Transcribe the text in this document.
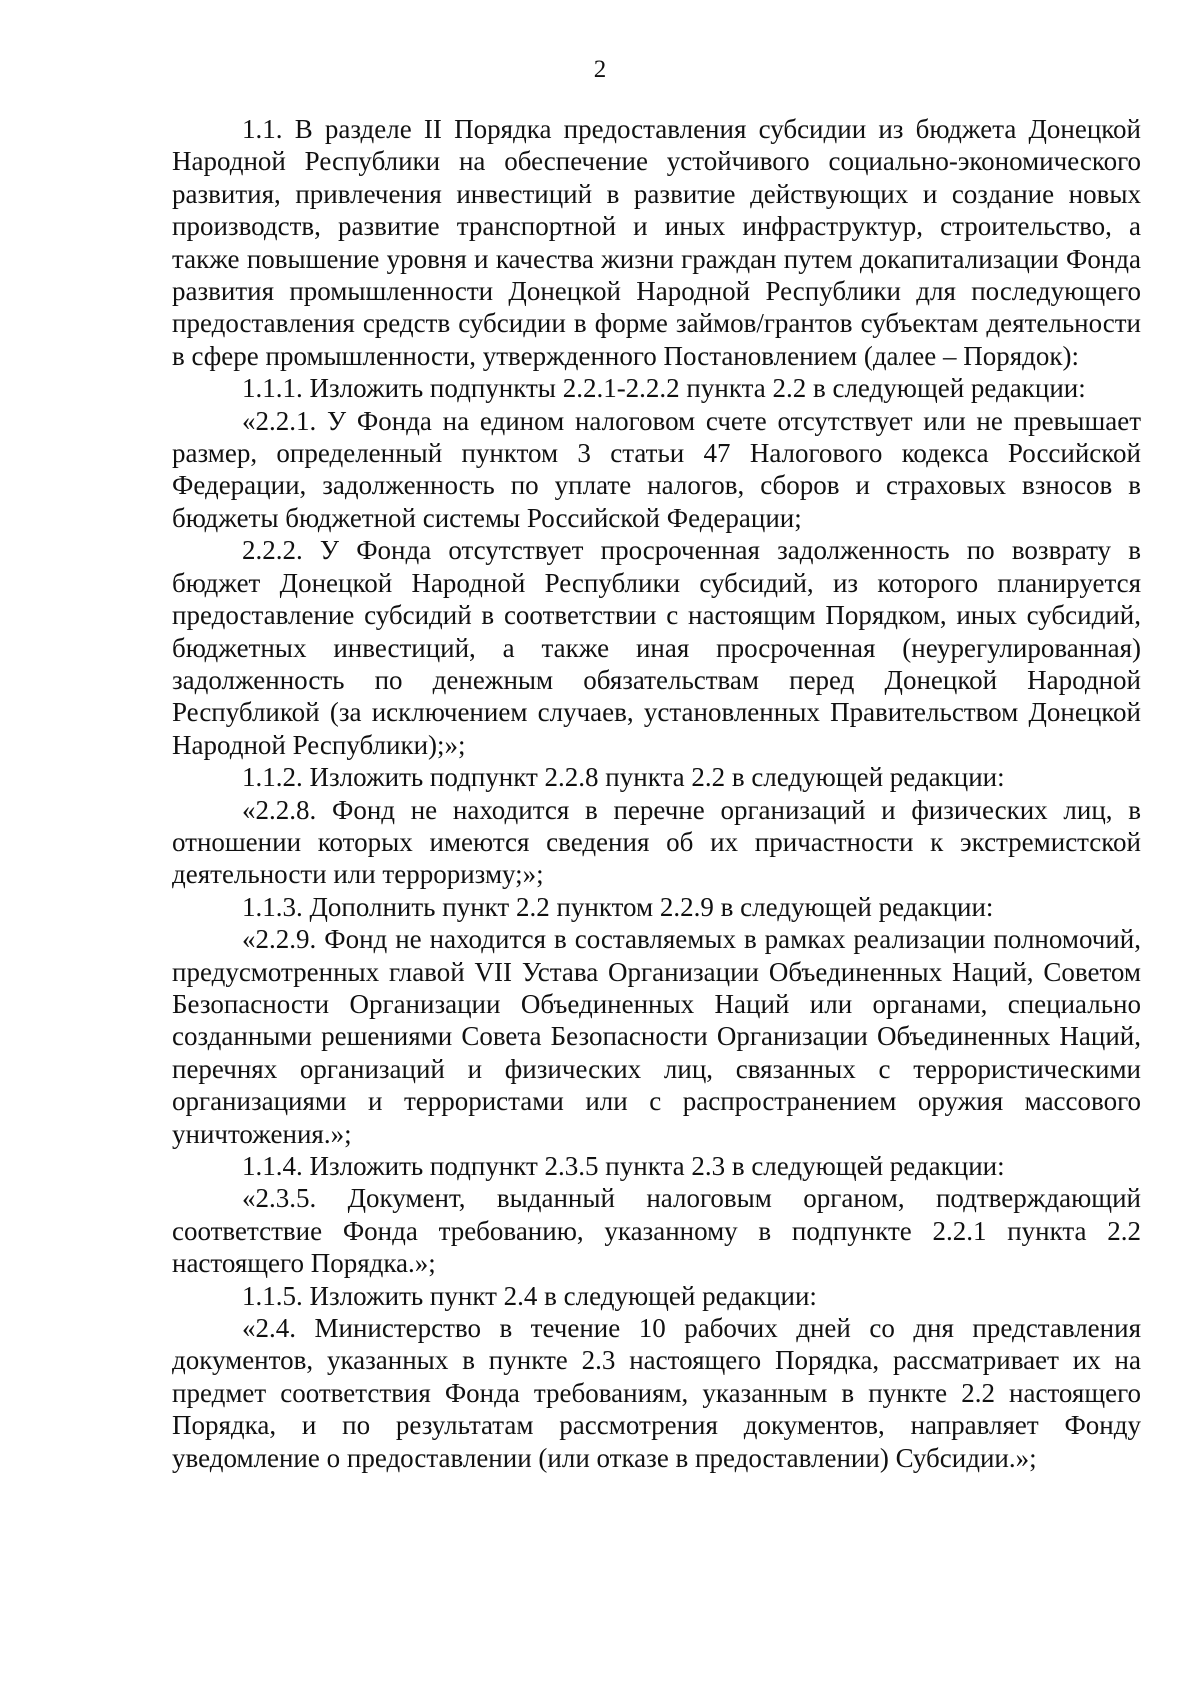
2

1.1. В разделе II Порядка предоставления субсидии из бюджета Донецкой Народной Республики на обеспечение устойчивого социально-экономического развития, привлечения инвестиций в развитие действующих и создание новых производств, развитие транспортной и иных инфраструктур, строительство, а также повышение уровня и качества жизни граждан путем докапитализации Фонда развития промышленности Донецкой Народной Республики для последующего предоставления средств субсидии в форме займов/грантов субъектам деятельности в сфере промышленности, утвержденного Постановлением (далее – Порядок):

1.1.1. Изложить подпункты 2.2.1-2.2.2 пункта 2.2 в следующей редакции:

«2.2.1. У Фонда на едином налоговом счете отсутствует или не превышает размер, определенный пунктом 3 статьи 47 Налогового кодекса Российской Федерации, задолженность по уплате налогов, сборов и страховых взносов в бюджеты бюджетной системы Российской Федерации;

2.2.2. У Фонда отсутствует просроченная задолженность по возврату в бюджет Донецкой Народной Республики субсидий, из которого планируется предоставление субсидий в соответствии с настоящим Порядком, иных субсидий, бюджетных инвестиций, а также иная просроченная (неурегулированная) задолженность по денежным обязательствам перед Донецкой Народной Республикой (за исключением случаев, установленных Правительством Донецкой Народной Республики);»;

1.1.2. Изложить подпункт 2.2.8 пункта 2.2 в следующей редакции:

«2.2.8. Фонд не находится в перечне организаций и физических лиц, в отношении которых имеются сведения об их причастности к экстремистской деятельности или терроризму;»;

1.1.3. Дополнить пункт 2.2 пунктом 2.2.9 в следующей редакции:

«2.2.9. Фонд не находится в составляемых в рамках реализации полномочий, предусмотренных главой VII Устава Организации Объединенных Наций, Советом Безопасности Организации Объединенных Наций или органами, специально созданными решениями Совета Безопасности Организации Объединенных Наций, перечнях организаций и физических лиц, связанных с террористическими организациями и террористами или с распространением оружия массового уничтожения.»;

1.1.4. Изложить подпункт 2.3.5 пункта 2.3 в следующей редакции:

«2.3.5. Документ, выданный налоговым органом, подтверждающий соответствие Фонда требованию, указанному в подпункте 2.2.1 пункта 2.2 настоящего Порядка.»;

1.1.5. Изложить пункт 2.4 в следующей редакции:

«2.4. Министерство в течение 10 рабочих дней со дня представления документов, указанных в пункте 2.3 настоящего Порядка, рассматривает их на предмет соответствия Фонда требованиям, указанным в пункте 2.2 настоящего Порядка, и по результатам рассмотрения документов, направляет Фонду уведомление о предоставлении (или отказе в предоставлении) Субсидии.»;
